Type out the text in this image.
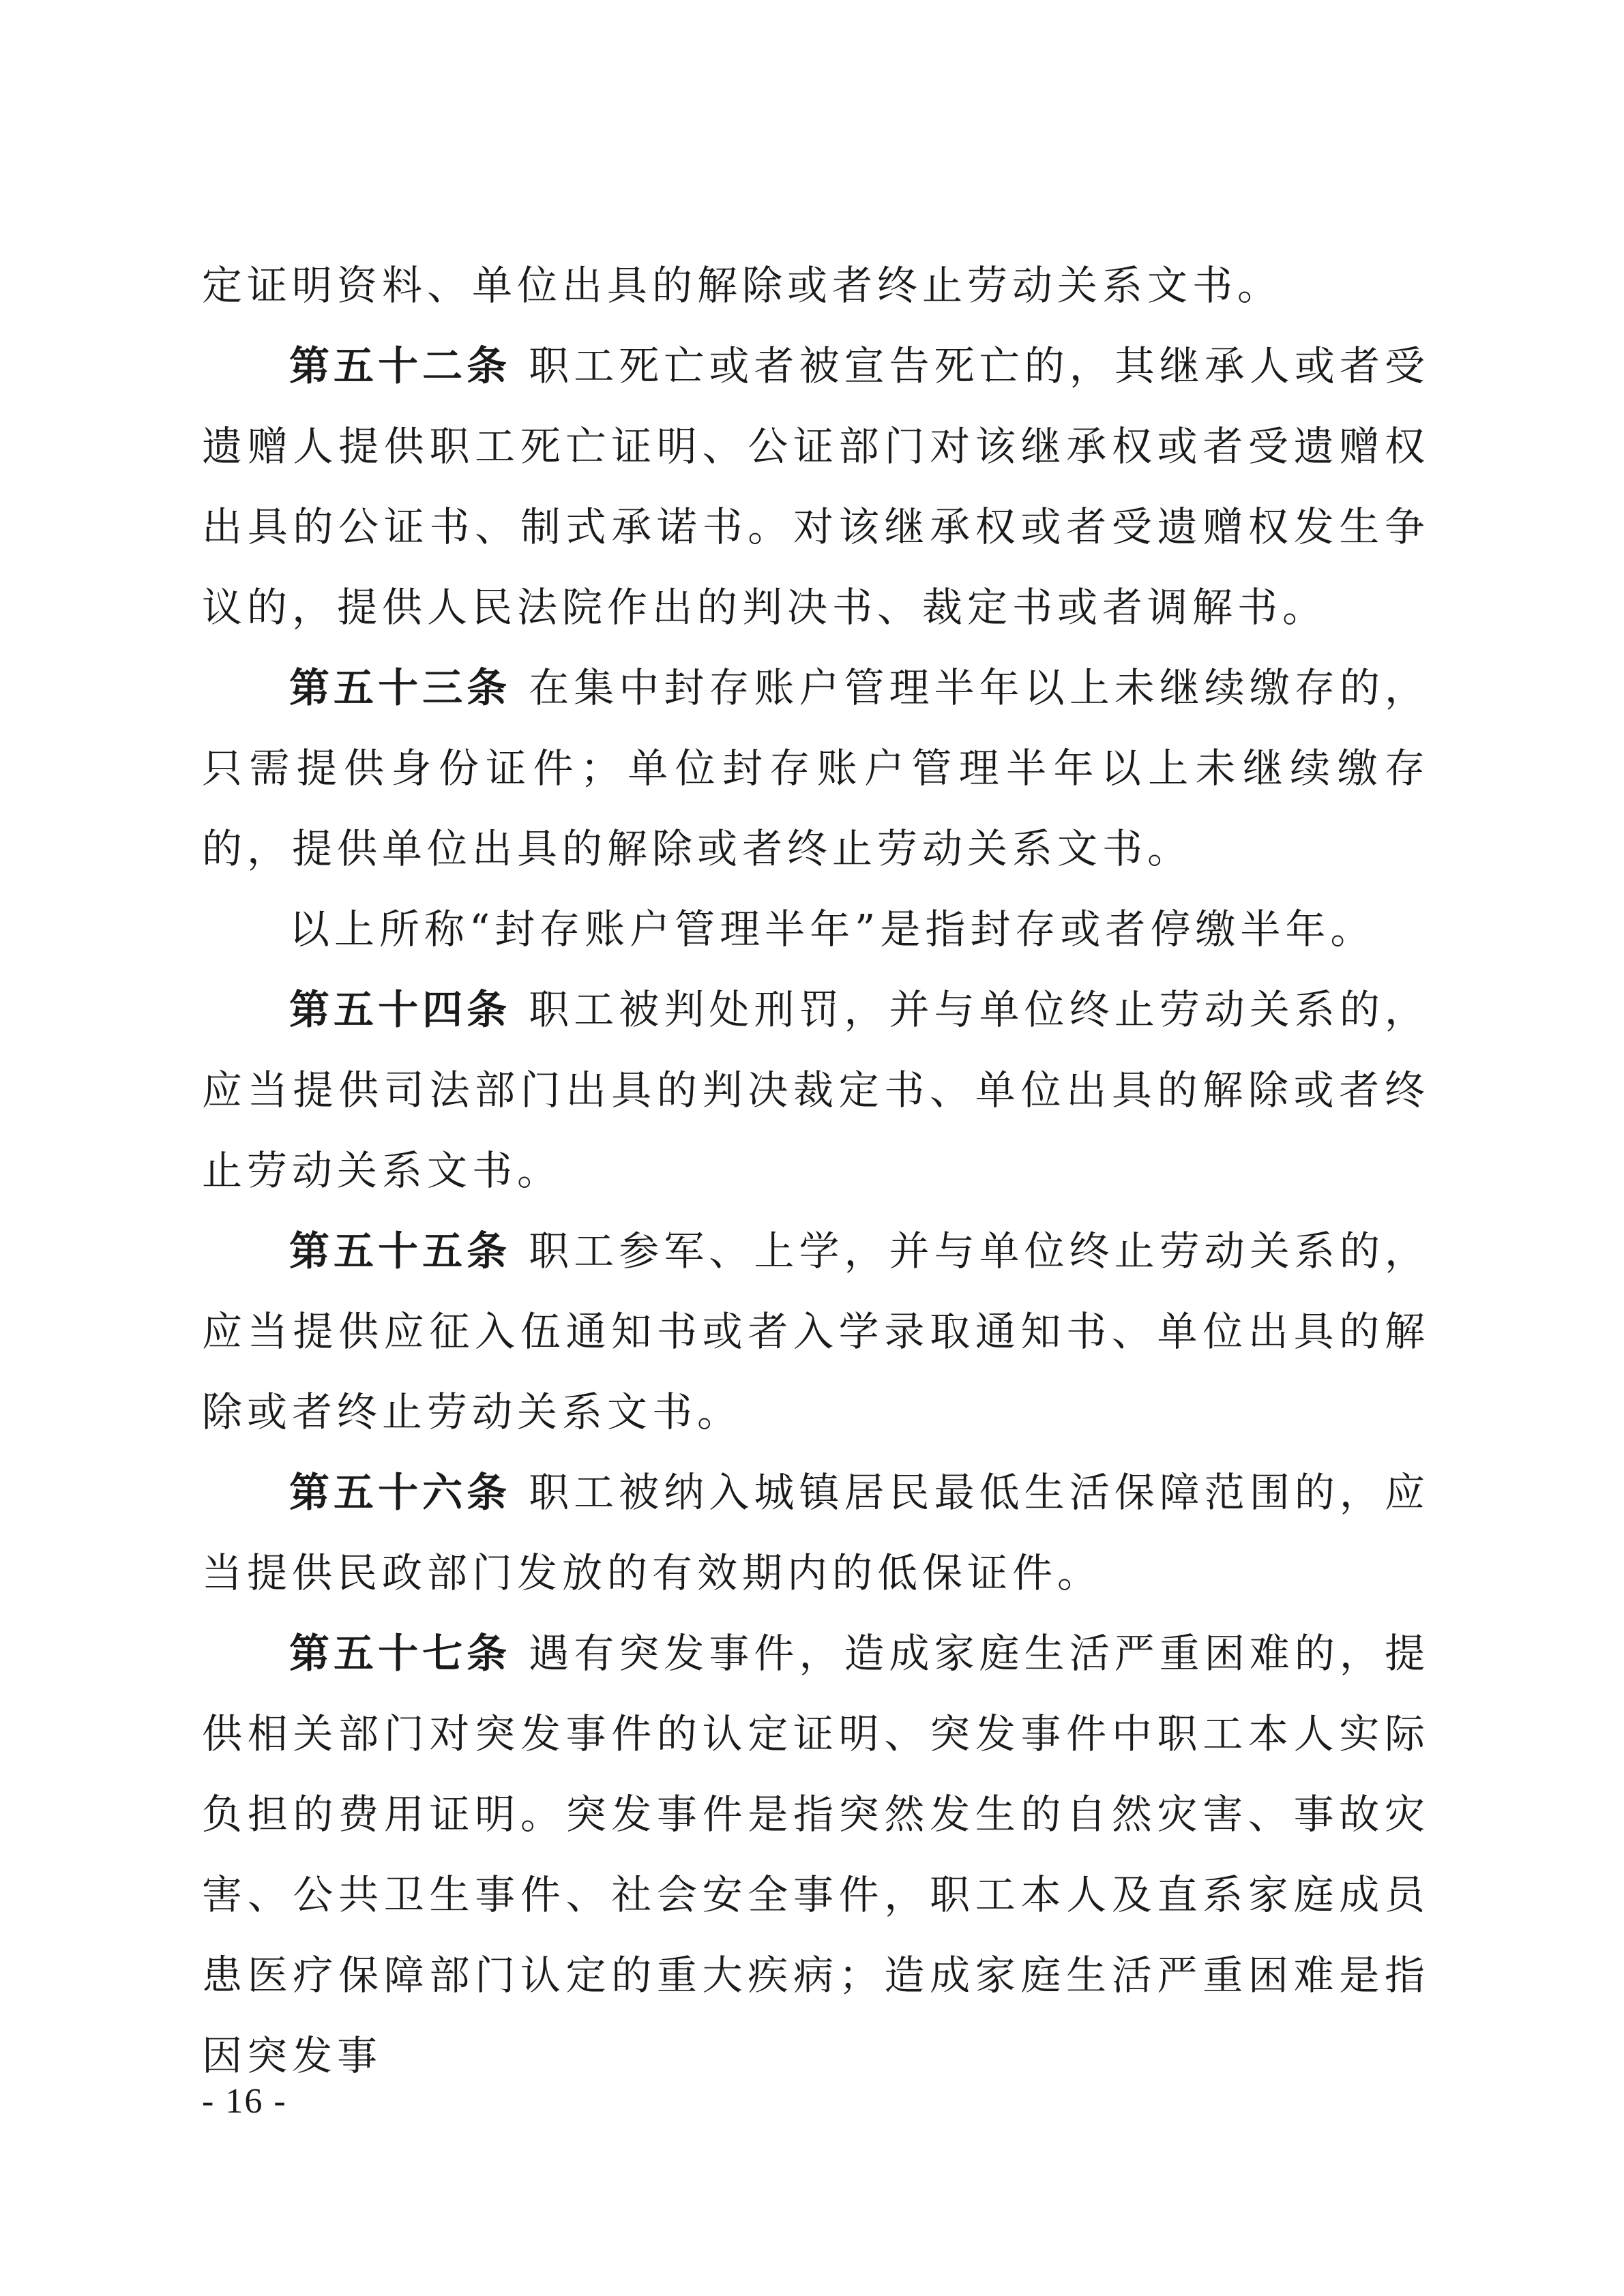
定证明资料、单位出具的解除或者终止劳动关系文书。

第五十二条 职工死亡或者被宣告死亡的，其继承人或者受遗赠人提供职工死亡证明、公证部门对该继承权或者受遗赠权出具的公证书、制式承诺书。对该继承权或者受遗赠权发生争议的，提供人民法院作出的判决书、裁定书或者调解书。

第五十三条 在集中封存账户管理半年以上未继续缴存的，只需提供身份证件；单位封存账户管理半年以上未继续缴存的，提供单位出具的解除或者终止劳动关系文书。

以上所称“封存账户管理半年”是指封存或者停缴半年。

第五十四条 职工被判处刑罚，并与单位终止劳动关系的，应当提供司法部门出具的判决裁定书、单位出具的解除或者终止劳动关系文书。

第五十五条 职工参军、上学，并与单位终止劳动关系的，应当提供应征入伍通知书或者入学录取通知书、单位出具的解除或者终止劳动关系文书。

第五十六条 职工被纳入城镇居民最低生活保障范围的，应当提供民政部门发放的有效期内的低保证件。

第五十七条 遇有突发事件，造成家庭生活严重困难的，提供相关部门对突发事件的认定证明、突发事件中职工本人实际负担的费用证明。突发事件是指突然发生的自然灾害、事故灾害、公共卫生事件、社会安全事件，职工本人及直系家庭成员患医疗保障部门认定的重大疾病；造成家庭生活严重困难是指因突发事

- 16 -
